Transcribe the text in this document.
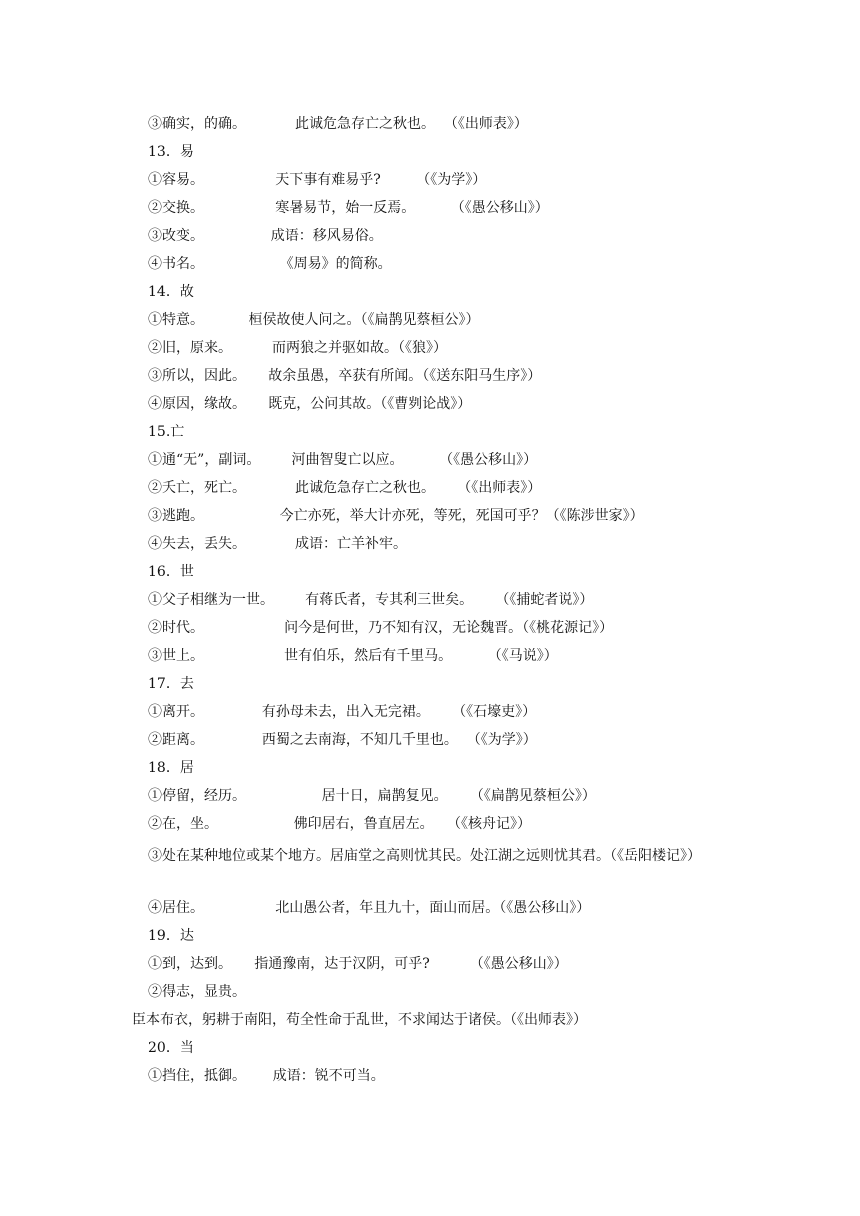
③确实，的确。           此诚危急存亡之秋也。  （《出师表》）
13．易
①容易。                天下事有难易乎?        （《为学》）
②交换。                寒暑易节，始一反焉。        （《愚公移山》）
③改变。               成语：移风易俗。
④书名。                 《周易》的简称。
14．故
①特意。          桓侯故使人问之。（《扁鹊见蔡桓公》）
②旧，原来。         而两狼之并驱如故。（《狼》）
③所以，因此。     故余虽愚，卒获有所闻。（《送东阳马生序》）
④原因，缘故。     既克，公问其故。（《曹刿论战》）
15.亡
①通“无”，副词。       河曲智叟亡以应。        （《愚公移山》）
②夭亡，死亡。           此诚危急存亡之秋也。     （《出师表》）
③逃跑。                 今亡亦死，举大计亦死，等死，死国可乎？（《陈涉世家》）
④失去，丢失。           成语：亡羊补牢。
16．世
①父子相继为一世。       有蒋氏者，专其利三世矣。     （《捕蛇者说》）
②时代。                  问今是何世，乃不知有汉，无论魏晋。（《桃花源记》）
③世上。                  世有伯乐，然后有千里马。        （《马说》）
17．去
①离开。             有孙母未去，出入无完裙。     （《石壕吏》）
②距离。             西蜀之去南海，不知几千里也。  （《为学》）
18．居
①停留，经历。                 居十日，扁鹊复见。     （《扁鹊见蔡桓公》）
②在，坐。                 佛印居右，鲁直居左。   （《核舟记》）
③处在某种地位或某个地方。居庙堂之高则忧其民。处江湖之远则忧其君。（《岳阳楼记》）
④居住。                北山愚公者，年且九十，面山而居。（《愚公移山》）
19．达
①到，达到。     指通豫南，达于汉阴，可乎?         （《愚公移山》）
②得志，显贵。
臣本布衣，躬耕于南阳，苟全性命于乱世，不求闻达于诸侯。（《出师表》）
20．当
①挡住，抵御。      成语：锐不可当。
